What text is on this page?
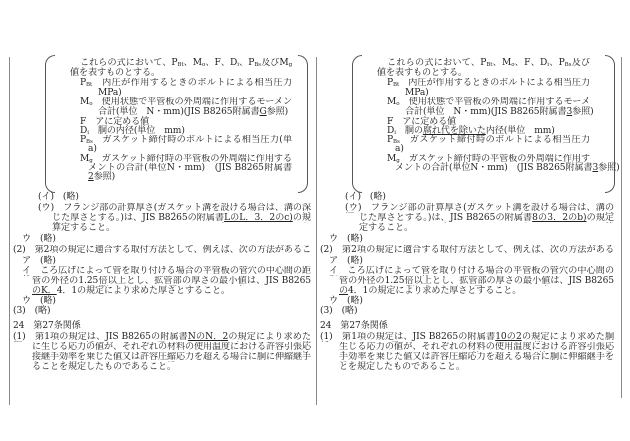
これらの式において、PBt、Mo、F、Di、PBs及びMg
値を表すものとする。
PBt　内圧が作用するときのボルトによる相当圧力
MPa)
Mo　使用状態で平管板の外周端に作用するモーメン
合計(単位　N・mm)(JIS B8265附属書G参照)
F　アに定める値
Di　胴の内径(単位　mm)
PBs　ガスケット締付時のボルトによる相当圧力(単　
a)
Mg　ガスケット締付時の平管板の外周端に作用する
メントの合計(単位N・mm)　(JIS B8265附属書
2参照)
(イ)　(略)
(ウ)　フランジ部の計算厚さ(ガスケット溝を設ける場合は、溝の深
じた厚さとする。)は、JIS B8265の附属書LのL．3．2のc)の規
算定すること。
ウ　(略)
(2)　第2項の規定に適合する取付方法として、例えば、次の方法があるこ
ア　(略)
イ　ころ広げによって管を取り付ける場合の平管板の管穴の中心間の距
管の外径の1.25倍以上とし、拡管部の厚さの最小値は、JIS B8265
のK．4．1の規定により求めた厚さとすること。
ウ　(略)
(3)　(略)
24　第27条関係
(1)　第1項の規定は、JIS B8265の附属書NのN．2の規定により求めた
に生じる応力の値が、それぞれの材料の使用温度における許容引張応
接継手効率を乗じた値又は許容圧縮応力を超える場合に胴に伸縮継手
ることを規定したものであること。
これらの式において、PBt、Mo、F、Di、PBs及び
値を表すものとする。
PBt　内圧が作用するときのボルトによる相当圧力
MPa)
Mo　使用状態で平管板の外周端に作用するモーメ
合計(単位　N・mm)(JIS B8265附属書3参照)
F　アに定める値
Di　胴の腐れ代を除いた内径(単位　mm)
PBs　ガスケット締付時のボルトによる相当圧力　
a)
Mg　ガスケット締付時の平管板の外周端に作用す
メントの合計(単位N・mm)　(JIS B8265附属書3参照)
(イ)　(略)
(ウ)　フランジ部の計算厚さ(ガスケット溝を設ける場合は、溝の
じた厚さとする。)は、JIS B8265の附属書8の3．2のb)の規定
定すること。
ウ　(略)
(2)　第2項の規定に適合する取付方法として、例えば、次の方法がある
ア　(略)
イ　ころ広げによって管を取り付ける場合の平管板の管穴の中心間の
管の外径の1.25倍以上とし、拡管部の厚さの最小値は、JIS B8265
の4．1の規定により求めた厚さとすること。
ウ　(略)
(3)　(略)
24　第27条関係
(1)　第1項の規定は、JIS B8265の附属書10の2の規定により求めた胴
生じる応力の値が、それぞれの材料の使用温度における許容引張応
手効率を乗じた値又は許容圧縮応力を超える場合に胴に伸縮継手を
とを規定したものであること。
